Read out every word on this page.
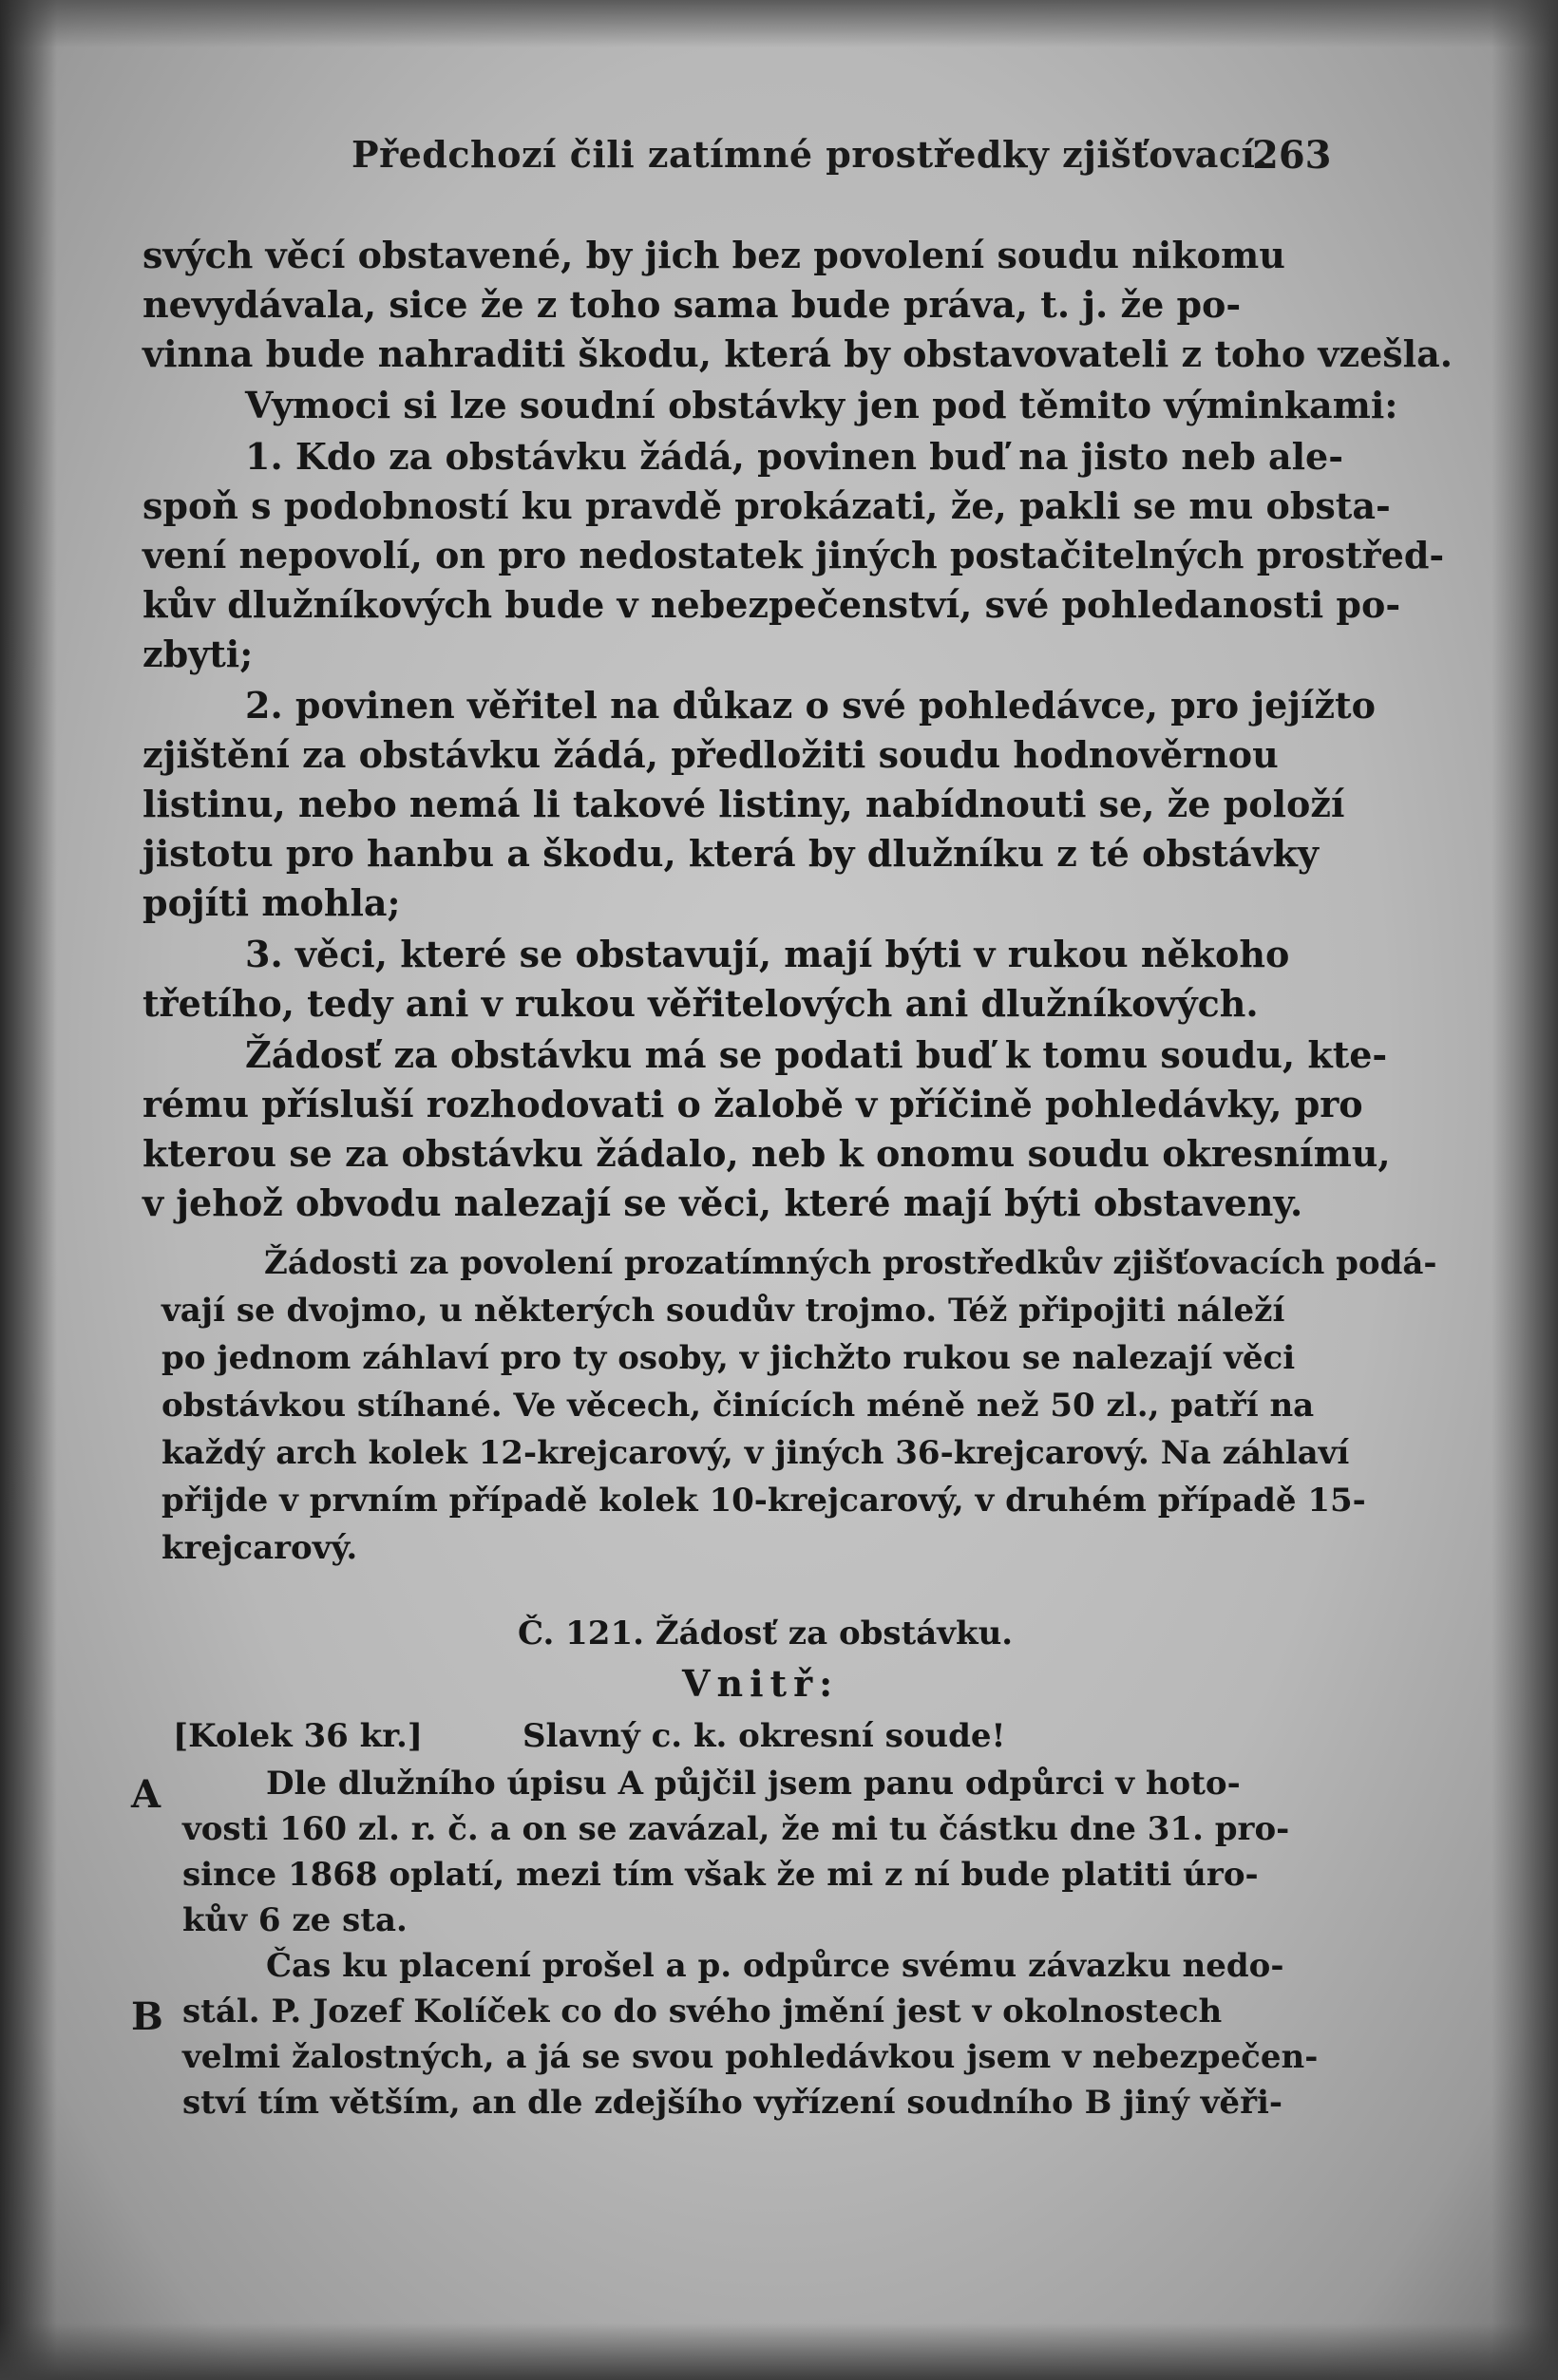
Předchozí čili zatímné prostředky zjišťovací.
263
svých věcí obstavené, by jich bez povolení soudu nikomu
nevydávala, sice že z toho sama bude práva, t. j. že po-
vinna bude nahraditi škodu, která by obstavovateli z toho vzešla.
Vymoci si lze soudní obstávky jen pod těmito výminkami:
1. Kdo za obstávku žádá, povinen buď na jisto neb ale-
spoň s podobností ku pravdě prokázati, že, pakli se mu obsta-
vení nepovolí, on pro nedostatek jiných postačitelných prostřed-
kův dlužníkových bude v nebezpečenství, své pohledanosti po-
zbyti;
2. povinen věřitel na důkaz o své pohledávce, pro jejížto
zjištění za obstávku žádá, předložiti soudu hodnověrnou
listinu, nebo nemá li takové listiny, nabídnouti se, že položí
jistotu pro hanbu a škodu, která by dlužníku z té obstávky
pojíti mohla;
3. věci, které se obstavují, mají býti v rukou někoho
třetího, tedy ani v rukou věřitelových ani dlužníkových.
Žádosť za obstávku má se podati buď k tomu soudu, kte-
rému přísluší rozhodovati o žalobě v příčině pohledávky, pro
kterou se za obstávku žádalo, neb k onomu soudu okresnímu,
v jehož obvodu nalezají se věci, které mají býti obstaveny.
Žádosti za povolení prozatímných prostředkův zjišťovacích podá-
vají se dvojmo, u některých soudův trojmo. Též připojiti náleží
po jednom záhlaví pro ty osoby, v jichžto rukou se nalezají věci
obstávkou stíhané. Ve věcech, činících méně než 50 zl., patří na
každý arch kolek 12-krejcarový, v jiných 36-krejcarový. Na záhlaví
přijde v prvním případě kolek 10-krejcarový, v druhém případě 15-
krejcarový.
Č. 121. Žádosť za obstávku.
Vnitř:
[Kolek 36 kr.]	Slavný c. k. okresní soude!
A
B
Dle dlužního úpisu A půjčil jsem panu odpůrci v hoto-
vosti 160 zl. r. č. a on se zavázal, že mi tu částku dne 31. pro-
since 1868 oplatí, mezi tím však že mi z ní bude platiti úro-
kův 6 ze sta.
Čas ku placení prošel a p. odpůrce svému závazku nedo-
stál. P. Jozef Kolíček co do svého jmění jest v okolnostech
velmi žalostných, a já se svou pohledávkou jsem v nebezpečen-
ství tím větším, an dle zdejšího vyřízení soudního B jiný věři-
